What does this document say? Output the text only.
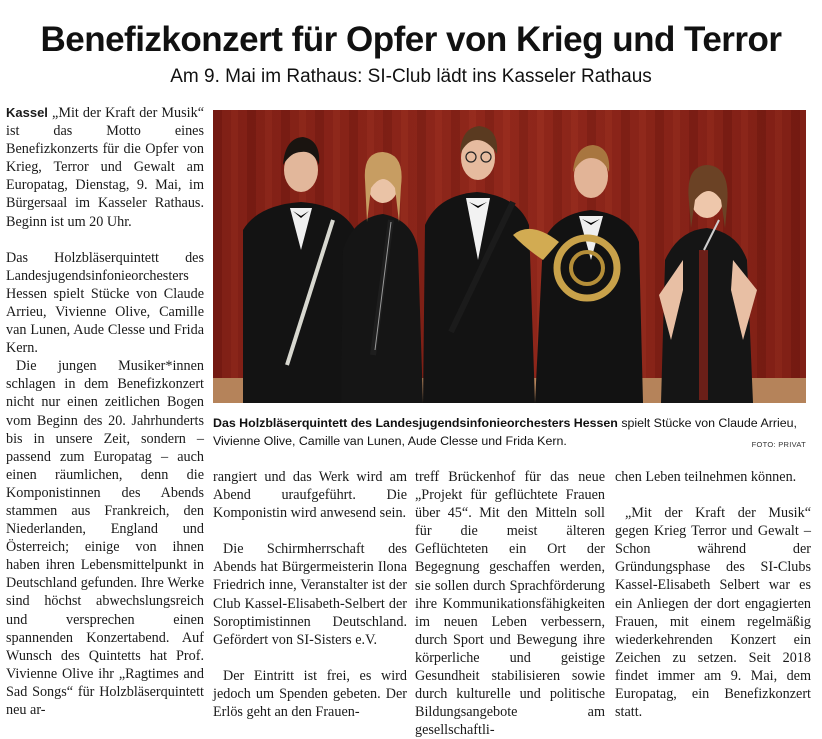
Benefizkonzert für Opfer von Krieg und Terror
Am 9. Mai im Rathaus: SI-Club lädt ins Kasseler Rathaus

Kassel „Mit der Kraft der Musik“ ist das Motto eines Benefizkonzerts für die Opfer von Krieg, Terror und Gewalt am Europatag, Dienstag, 9. Mai, im Bürgersaal im Kasseler Rathaus. Beginn ist um 20 Uhr.

Das Holzbläserquintett des Landesjugendsinfonieorchesters Hessen spielt Stücke von Claude Arrieu, Vivienne Olive, Camille van Lunen, Aude Clesse und Frida Kern.

Die jungen Musiker*innen schlagen in dem Benefizkonzert nicht nur einen zeitlichen Bogen vom Beginn des 20. Jahrhunderts bis in unsere Zeit, sondern – passend zum Europatag – auch einen räumlichen, denn die Komponistinnen des Abends stammen aus Frankreich, den Niederlanden, England und Österreich; einige von ihnen haben ihren Lebensmittelpunkt in Deutschland gefunden. Ihre Werke sind höchst abwechslungsreich und versprechen einen spannenden Konzertabend. Auf Wunsch des Quintetts hat Prof. Vivienne Olive ihr „Ragtimes and Sad Songs“ für Holzbläserquintett neu ar-

Das Holzbläserquintett des Landesjugendsinfonieorchesters Hessen spielt Stücke von Claude Arrieu, Vivienne Olive, Camille van Lunen, Aude Clesse und Frida Kern.	FOTO: PRIVAT

rangiert und das Werk wird am Abend uraufgeführt. Die Komponistin wird anwesend sein.

Die Schirmherrschaft des Abends hat Bürgermeisterin Ilona Friedrich inne, Veranstalter ist der Club Kassel-Elisabeth-Selbert der Soroptimistinnen Deutschland. Gefördert von SI-Sisters e.V.

Der Eintritt ist frei, es wird jedoch um Spenden gebeten. Der Erlös geht an den Frauen-

treff Brückenhof für das neue „Projekt für geflüchtete Frauen über 45“. Mit den Mitteln soll für die meist älteren Geflüchteten ein Ort der Begegnung geschaffen werden, sie sollen durch Sprachförderung ihre Kommunikationsfähigkeiten im neuen Leben verbessern, durch Sport und Bewegung ihre körperliche und geistige Gesundheit stabilisieren sowie durch kulturelle und politische Bildungsangebote am gesellschaftli-

chen Leben teilnehmen können.

„Mit der Kraft der Musik“ gegen Krieg Terror und Gewalt – Schon während der Gründungsphase des SI-Clubs Kassel-Elisabeth Selbert war es ein Anliegen der dort engagierten Frauen, mit einem regelmäßig wiederkehrenden Konzert ein Zeichen zu setzen. Seit 2018 findet immer am 9. Mai, dem Europatag, ein Benefizkonzert statt.
